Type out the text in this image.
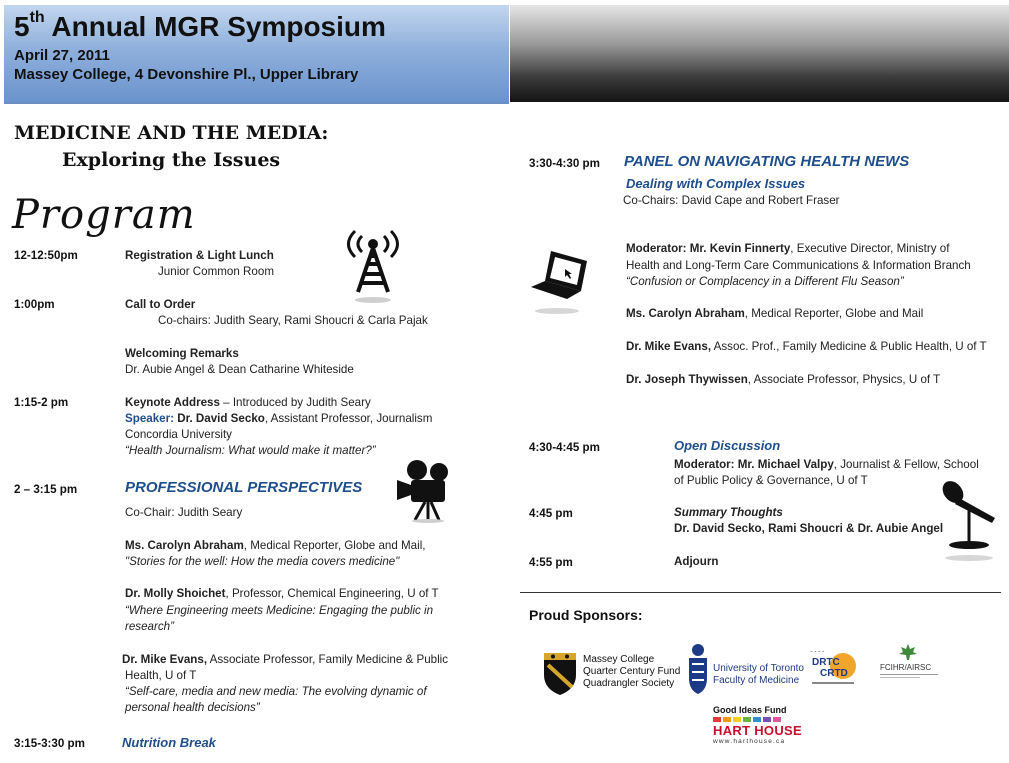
5th Annual MGR Symposium
April 27, 2011
Massey College, 4 Devonshire Pl., Upper Library
MEDICINE AND THE MEDIA:
Exploring the Issues
Program
12-12:50pm	Registration & Light Lunch
Junior Common Room
1:00pm	Call to Order
Co-chairs: Judith Seary, Rami Shoucri & Carla Pajak
Welcoming Remarks
Dr. Aubie Angel & Dean Catharine Whiteside
1:15-2 pm	Keynote Address – Introduced by Judith Seary
Speaker: Dr. David Secko, Assistant Professor, Journalism
Concordia University
“Health Journalism: What would make it matter?”
2 – 3:15 pm	PROFESSIONAL PERSPECTIVES
Co-Chair: Judith Seary
Ms. Carolyn Abraham, Medical Reporter, Globe and Mail,
"Stories for the well: How the media covers medicine"
Dr. Molly Shoichet, Professor, Chemical Engineering, U of T
“Where Engineering meets Medicine: Engaging the public in
research”
Dr. Mike Evans, Associate Professor, Family Medicine & Public
Health, U of T
“Self-care, media and new media: The evolving dynamic of
personal health decisions”
3:15-3:30 pm	Nutrition Break
3:30-4:30 pm PANEL ON NAVIGATING HEALTH NEWS
Dealing with Complex Issues
Co-Chairs: David Cape and Robert Fraser
Moderator: Mr. Kevin Finnerty, Executive Director, Ministry of
Health and Long-Term Care Communications & Information Branch
“Confusion or Complacency in a Different Flu Season”
Ms. Carolyn Abraham, Medical Reporter, Globe and Mail
Dr. Mike Evans, Assoc. Prof., Family Medicine & Public Health, U of T
Dr. Joseph Thywissen, Associate Professor, Physics, U of T
4:30-4:45 pm	Open Discussion
Moderator: Mr. Michael Valpy, Journalist & Fellow, School
of Public Policy & Governance, U of T
4:45 pm	Summary Thoughts
Dr. David Secko, Rami Shoucri & Dr. Aubie Angel
4:55 pm	Adjourn
Proud Sponsors:
Massey College
Quarter Century Fund
Quadrangler Society
University of Toronto
Faculty of Medicine
~ ~ ~ ~
DRTC
CRTD
FCIHR/AIRSC
Good Ideas Fund
HART HOUSE
www.harthouse.ca
